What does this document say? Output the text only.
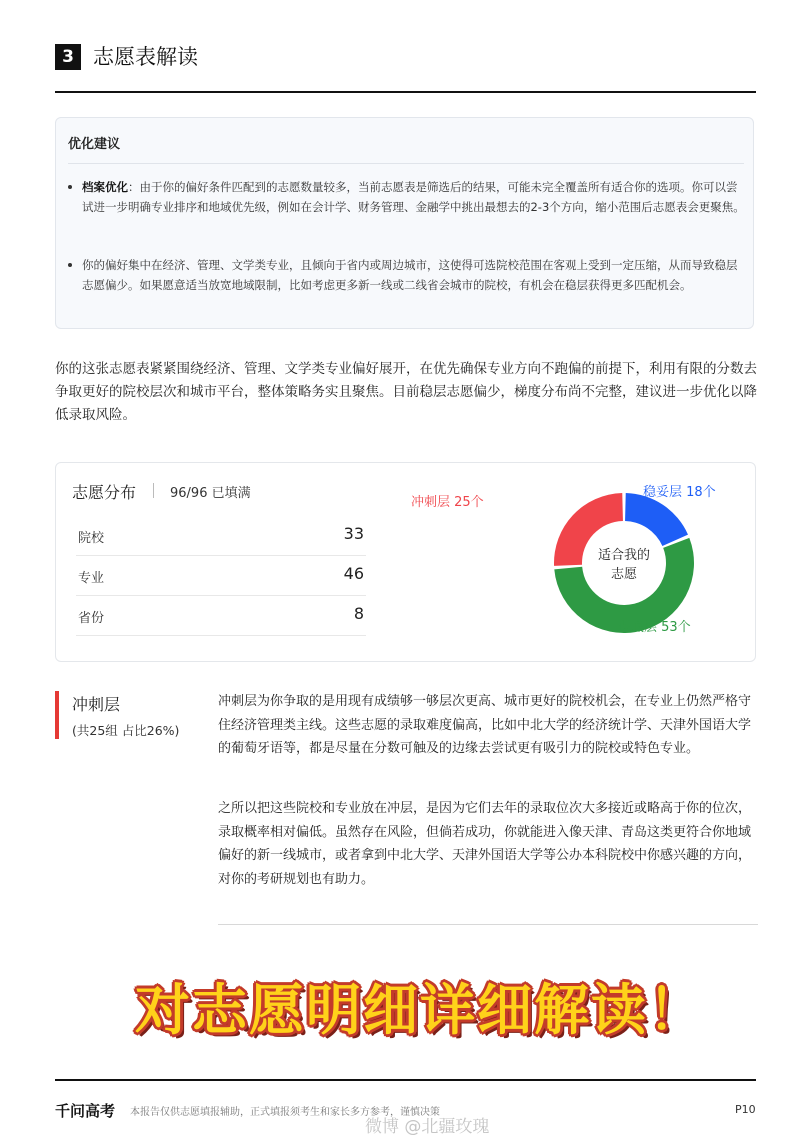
3 志愿表解读
优化建议
档案优化：由于你的偏好条件匹配到的志愿数量较多，当前志愿表是筛选后的结果，可能未完全覆盖所有适合你的选项。你可以尝试进一步明确专业排序和地域优先级，例如在会计学、财务管理、金融学中挑出最想去的2-3个方向，缩小范围后志愿表会更聚焦。
你的偏好集中在经济、管理、文学类专业，且倾向于省内或周边城市，这使得可选院校范围在客观上受到一定压缩，从而导致稳层志愿偏少。如果愿意适当放宽地域限制，比如考虑更多新一线或二线省会城市的院校，有机会在稳层获得更多匹配机会。
你的这张志愿表紧紧围绕经济、管理、文学类专业偏好展开，在优先确保专业方向不跑偏的前提下，利用有限的分数去争取更好的院校层次和城市平台，整体策略务实且聚焦。目前稳层志愿偏少，梯度分布尚不完整，建议进一步优化以降低录取风险。
志愿分布	96/96 已填满
院校	33
专业	46
省份	8
适合我的
志愿
冲刺层 25个
稳妥层 18个
保底层 53个
冲刺层
(共25组 占比26%)
冲刺层为你争取的是用现有成绩够一够层次更高、城市更好的院校机会，在专业上仍然严格守住经济管理类主线。这些志愿的录取难度偏高，比如中北大学的经济统计学、天津外国语大学的葡萄牙语等，都是尽量在分数可触及的边缘去尝试更有吸引力的院校或特色专业。
之所以把这些院校和专业放在冲层，是因为它们去年的录取位次大多接近或略高于你的位次，录取概率相对偏低。虽然存在风险，但倘若成功，你就能进入像天津、青岛这类更符合你地域偏好的新一线城市，或者拿到中北大学、天津外国语大学等公办本科院校中你感兴趣的方向，对你的考研规划也有助力。
对志愿明细详细解读！
千问高考 本报告仅供志愿填报辅助，正式填报须考生和家长多方参考，谨慎决策	P10
微博 @北疆玫瑰
